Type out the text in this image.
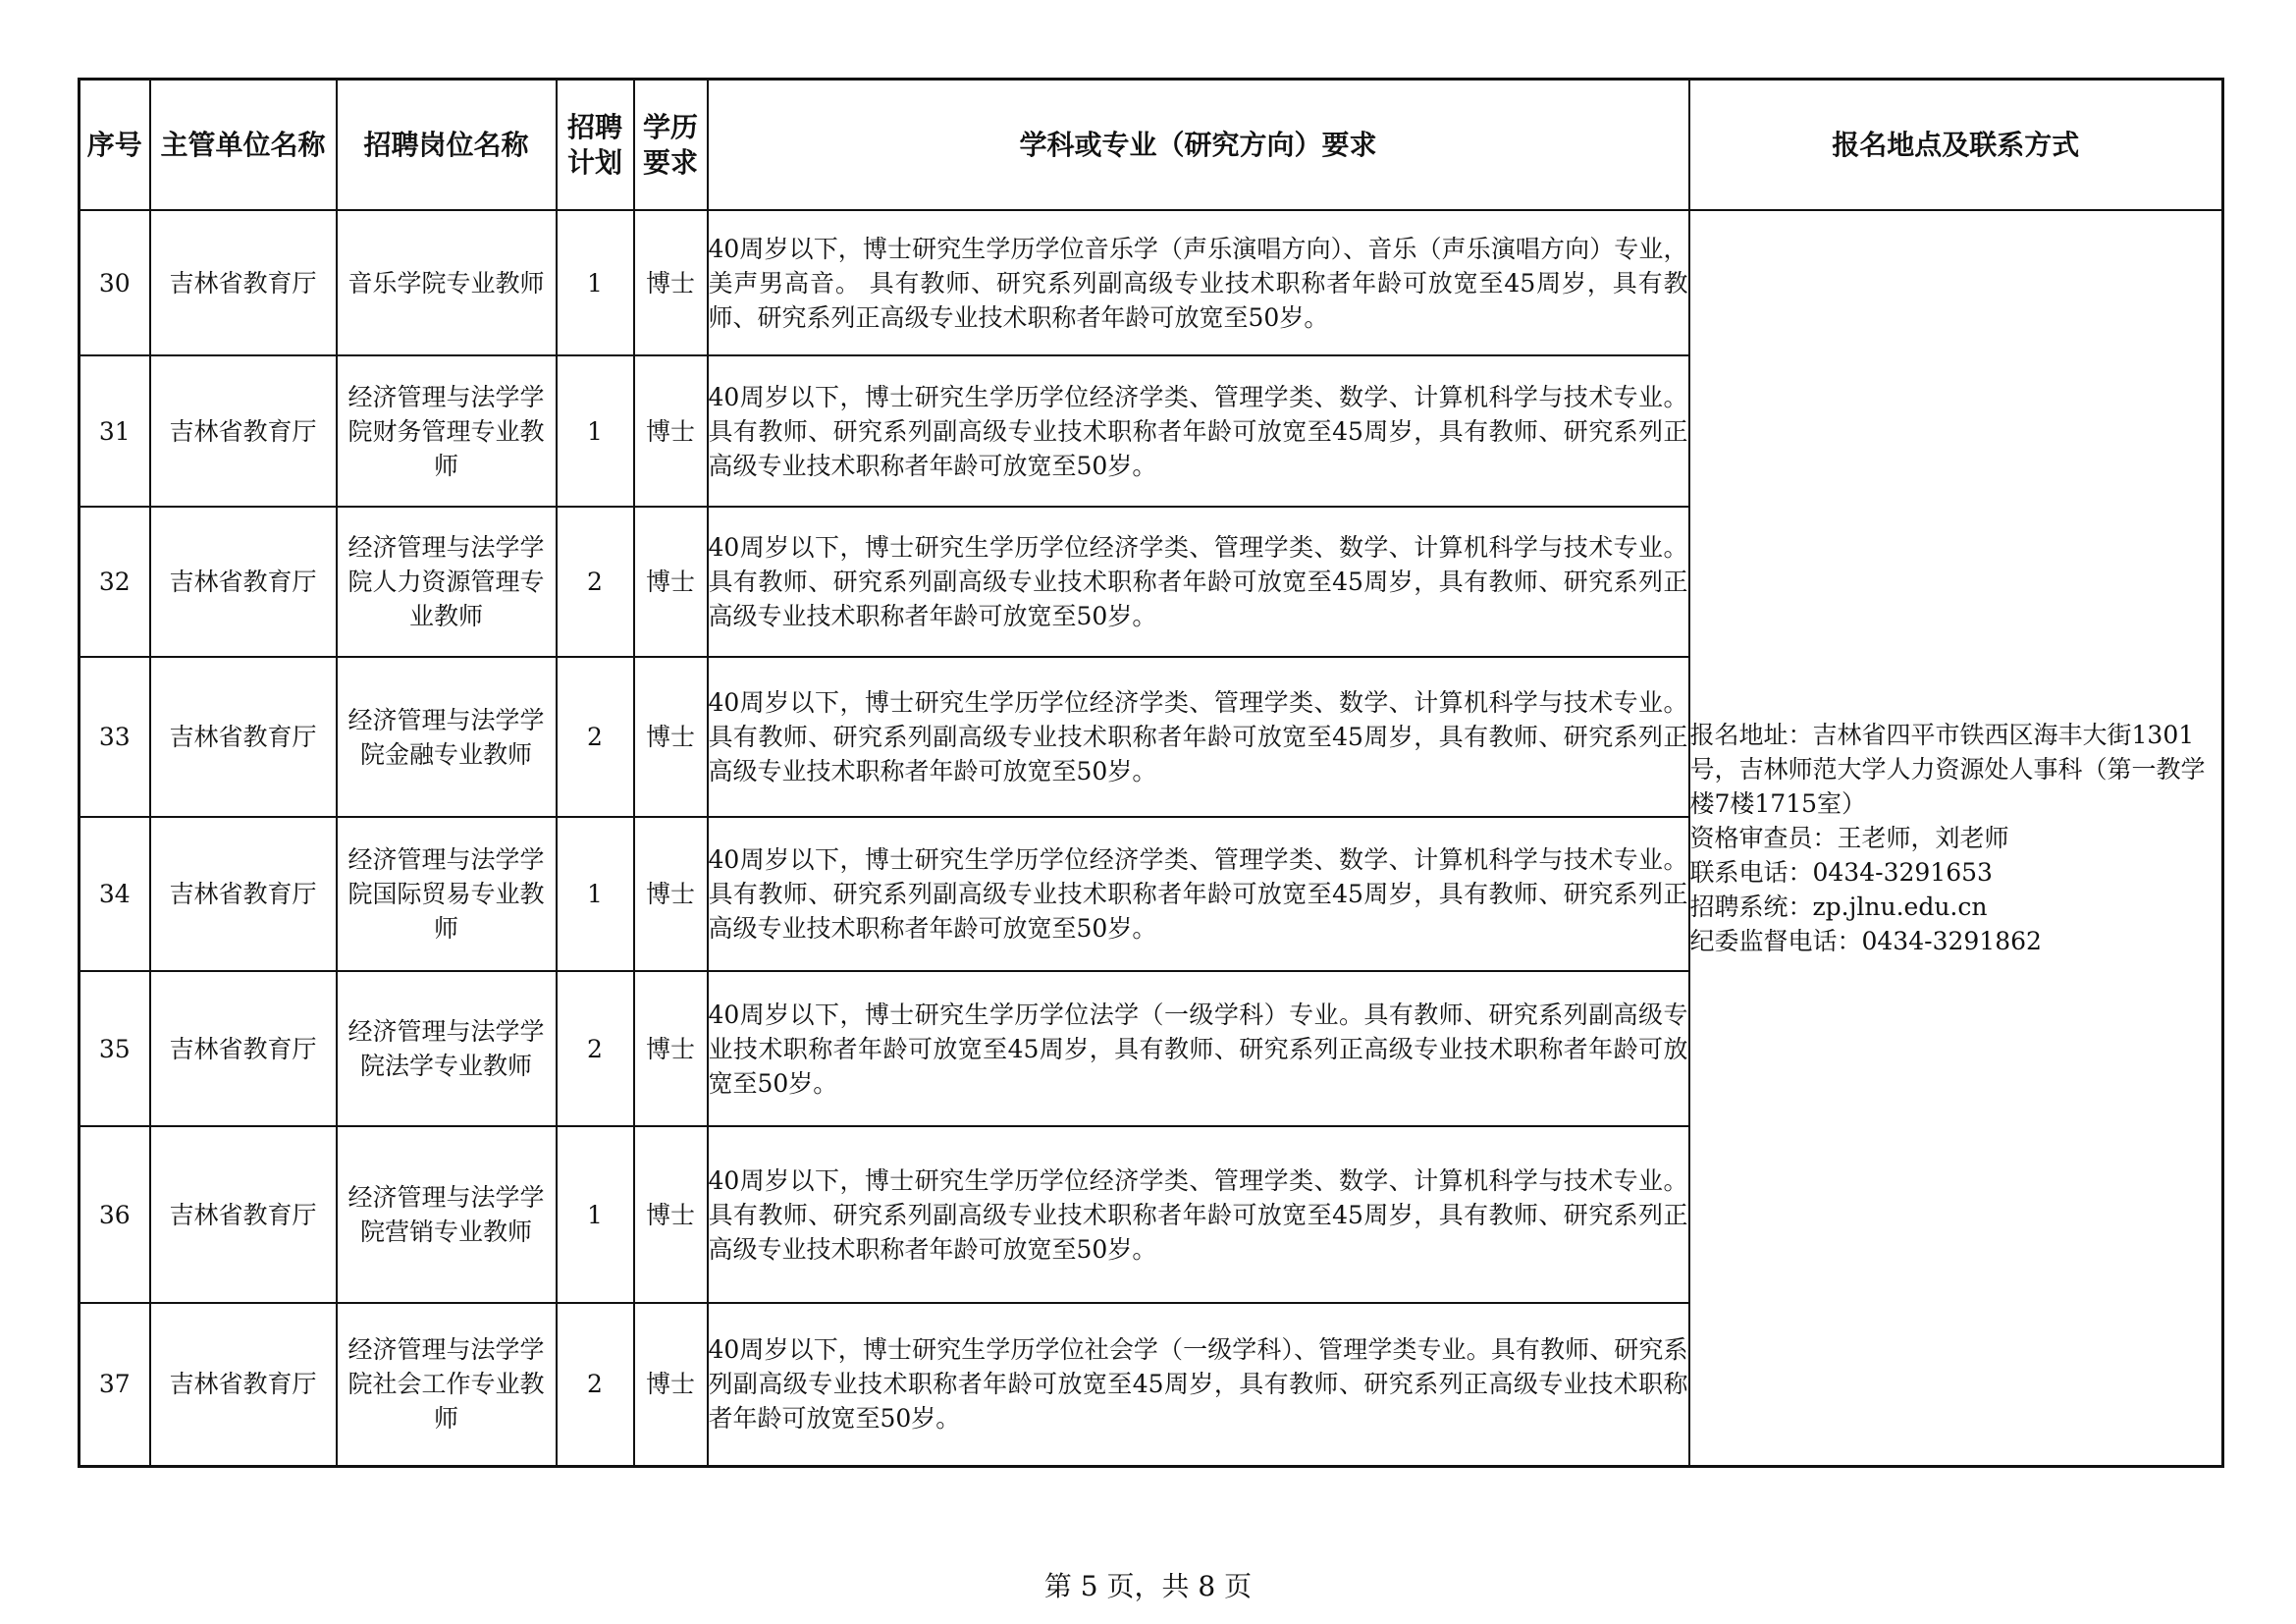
序号	主管单位名称	招聘岗位名称	招聘计划	学历要求	学科或专业（研究方向）要求	报名地点及联系方式
30	吉林省教育厅	音乐学院专业教师	1	博士	40周岁以下，博士研究生学历学位音乐学（声乐演唱方向）、音乐（声乐演唱方向）专业，美声男高音。 具有教师、研究系列副高级专业技术职称者年龄可放宽至45周岁，具有教师、研究系列正高级专业技术职称者年龄可放宽至50岁。	报名地址：吉林省四平市铁西区海丰大街1301号，吉林师范大学人力资源处人事科（第一教学楼7楼1715室）
资格审查员：王老师，刘老师
联系电话：0434-3291653
招聘系统：zp.jlnu.edu.cn
纪委监督电话：0434-3291862

31	吉林省教育厅	经济管理与法学学院财务管理专业教师	1	博士	40周岁以下，博士研究生学历学位经济学类、管理学类、数学、计算机科学与技术专业。具有教师、研究系列副高级专业技术职称者年龄可放宽至45周岁，具有教师、研究系列正高级专业技术职称者年龄可放宽至50岁。	
32	吉林省教育厅	经济管理与法学学院人力资源管理专业教师	2	博士	40周岁以下，博士研究生学历学位经济学类、管理学类、数学、计算机科学与技术专业。具有教师、研究系列副高级专业技术职称者年龄可放宽至45周岁，具有教师、研究系列正高级专业技术职称者年龄可放宽至50岁。	
33	吉林省教育厅	经济管理与法学学院金融专业教师	2	博士	40周岁以下，博士研究生学历学位经济学类、管理学类、数学、计算机科学与技术专业。具有教师、研究系列副高级专业技术职称者年龄可放宽至45周岁，具有教师、研究系列正高级专业技术职称者年龄可放宽至50岁。	
34	吉林省教育厅	经济管理与法学学院国际贸易专业教师	1	博士	40周岁以下，博士研究生学历学位经济学类、管理学类、数学、计算机科学与技术专业。具有教师、研究系列副高级专业技术职称者年龄可放宽至45周岁，具有教师、研究系列正高级专业技术职称者年龄可放宽至50岁。	
35	吉林省教育厅	经济管理与法学学院法学专业教师	2	博士	40周岁以下，博士研究生学历学位法学（一级学科）专业。具有教师、研究系列副高级专业技术职称者年龄可放宽至45周岁，具有教师、研究系列正高级专业技术职称者年龄可放宽至50岁。	
36	吉林省教育厅	经济管理与法学学院营销专业教师	1	博士	40周岁以下，博士研究生学历学位经济学类、管理学类、数学、计算机科学与技术专业。具有教师、研究系列副高级专业技术职称者年龄可放宽至45周岁，具有教师、研究系列正高级专业技术职称者年龄可放宽至50岁。	
37	吉林省教育厅	经济管理与法学学院社会工作专业教师	2	博士	40周岁以下，博士研究生学历学位社会学（一级学科）、管理学类专业。具有教师、研究系列副高级专业技术职称者年龄可放宽至45周岁，具有教师、研究系列正高级专业技术职称者年龄可放宽至50岁。	
第 5 页，共 8 页
